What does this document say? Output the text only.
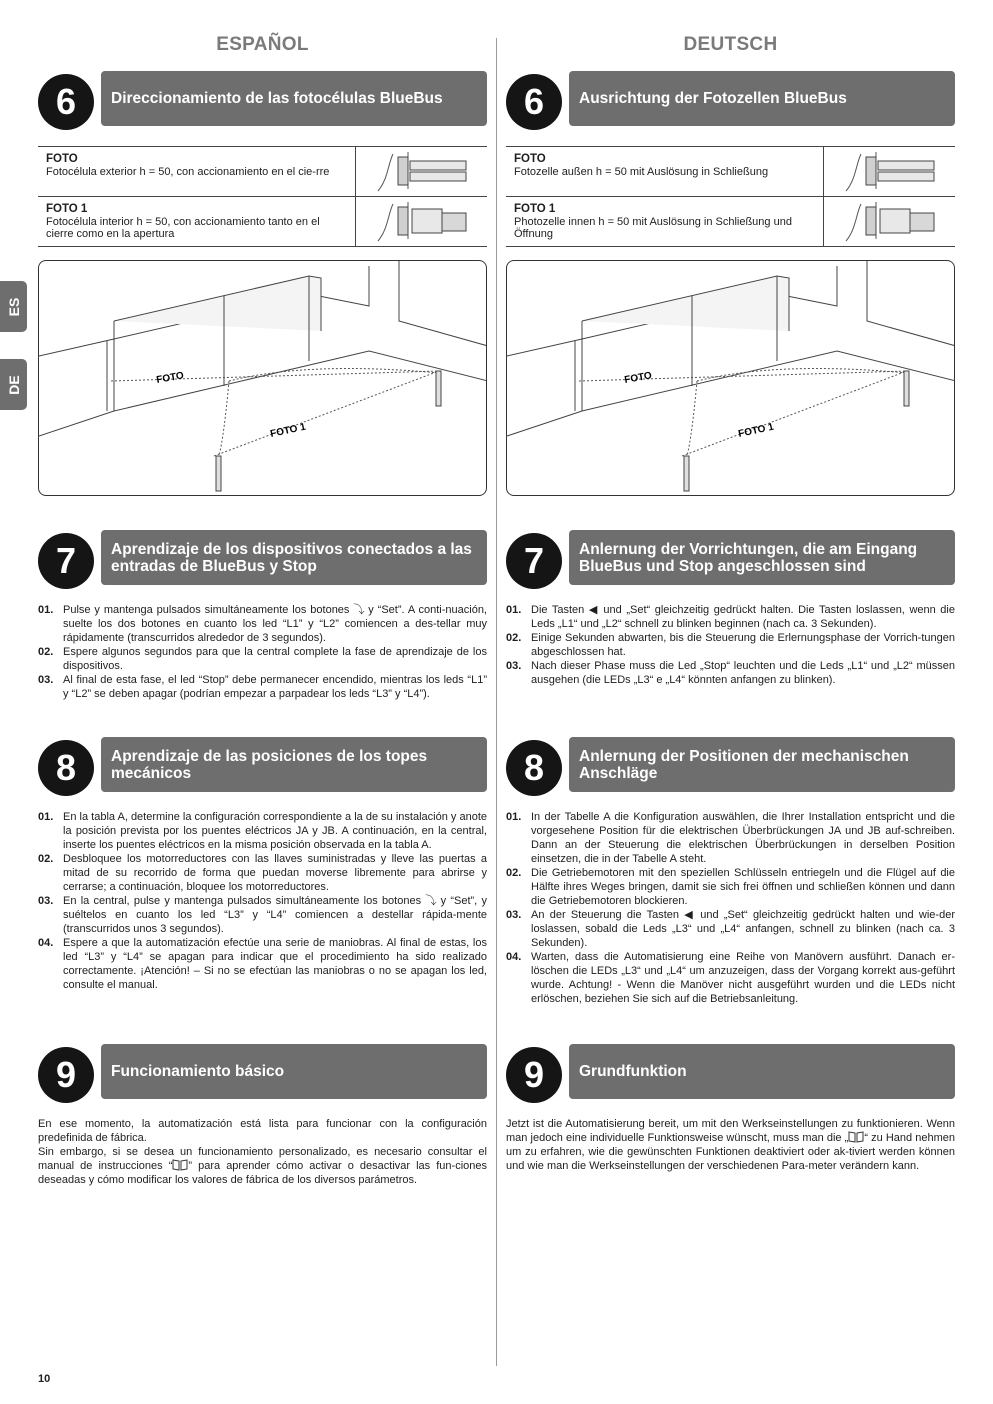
ES
DE
ESPAÑOL
6	Direccionamiento de las fotocélulas BlueBus
FOTO
Fotocélula exterior h = 50, con accionamiento en el cie-rre
FOTO 1
Fotocélula interior h = 50, con accionamiento tanto en el cierre como en la apertura
FOTO
FOTO 1
7	Aprendizaje de los dispositivos conectados a las entradas de BlueBus y Stop
01. Pulse y mantenga pulsados simultáneamente los botones ⤵ y “Set”. A conti-nuación, suelte los dos botones en cuanto los led “L1” y “L2” comiencen a des-tellar muy rápidamente (transcurridos alrededor de 3 segundos).
02. Espere algunos segundos para que la central complete la fase de aprendizaje de los dispositivos.
03. Al final de esta fase, el led “Stop” debe permanecer encendido, mientras los leds “L1” y “L2” se deben apagar (podrían empezar a parpadear los leds “L3” y “L4”).
8	Aprendizaje de las posiciones de los topes mecánicos
01. En la tabla A, determine la configuración correspondiente a la de su instalación y anote la posición prevista por los puentes eléctricos JA y JB. A continuación, en la central, inserte los puentes eléctricos en la misma posición observada en la tabla A.
02. Desbloquee los motorreductores con las llaves suministradas y lleve las puertas a mitad de su recorrido de forma que puedan moverse libremente para abrirse y cerrarse; a continuación, bloquee los motorreductores.
03. En la central, pulse y mantenga pulsados simultáneamente los botones ⤵ y “Set”, y suéltelos en cuanto los led “L3” y “L4” comiencen a destellar rápida-mente (transcurridos unos 3 segundos).
04. Espere a que la automatización efectúe una serie de maniobras. Al final de estas, los led “L3” y “L4” se apagan para indicar que el procedimiento ha sido realizado correctamente. ¡Atención! – Si no se efectúan las maniobras o no se apagan los led, consulte el manual.
9	Funcionamiento básico
En ese momento, la automatización está lista para funcionar con la configuración predefinida de fábrica.
Sin embargo, si se desea un funcionamiento personalizado, es necesario consultar el manual de instrucciones “ ” para aprender cómo activar o desactivar las fun-ciones deseadas y cómo modificar los valores de fábrica de los diversos parámetros.
DEUTSCH
6	Ausrichtung der Fotozellen BlueBus
FOTO
Fotozelle außen h = 50 mit Auslösung in Schließung
FOTO 1
Photozelle innen h = 50 mit Auslösung in Schließung und Öffnung
FOTO
FOTO 1
7	Anlernung der Vorrichtungen, die am Eingang BlueBus und Stop angeschlossen sind
01. Die Tasten ◀ und „Set“ gleichzeitig gedrückt halten. Die Tasten loslassen, wenn die Leds „L1“ und „L2“ schnell zu blinken beginnen (nach ca. 3 Sekunden).
02. Einige Sekunden abwarten, bis die Steuerung die Erlernungsphase der Vorrich-tungen abgeschlossen hat.
03. Nach dieser Phase muss die Led „Stop“ leuchten und die Leds „L1“ und „L2“ müssen ausgehen (die LEDs „L3“ e „L4“ könnten anfangen zu blinken).
8	Anlernung der Positionen der mechanischen Anschläge
01. In der Tabelle A die Konfiguration auswählen, die Ihrer Installation entspricht und die vorgesehene Position für die elektrischen Überbrückungen JA und JB auf-schreiben. Dann an der Steuerung die elektrischen Überbrückungen in derselben Position einsetzen, die in der Tabelle A steht.
02. Die Getriebemotoren mit den speziellen Schlüsseln entriegeln und die Flügel auf die Hälfte ihres Weges bringen, damit sie sich frei öffnen und schließen können und dann die Getriebemotoren blockieren.
03. An der Steuerung die Tasten ◀ und „Set“ gleichzeitig gedrückt halten und wie-der loslassen, sobald die Leds „L3“ und „L4“ anfangen, schnell zu blinken (nach ca. 3 Sekunden).
04. Warten, dass die Automatisierung eine Reihe von Manövern ausführt. Danach er-löschen die LEDs „L3“ und „L4“ um anzuzeigen, dass der Vorgang korrekt aus-geführt wurde. Achtung! - Wenn die Manöver nicht ausgeführt wurden und die LEDs nicht erlöschen, beziehen Sie sich auf die Betriebsanleitung.
9	Grundfunktion
Jetzt ist die Automatisierung bereit, um mit den Werkseinstellungen zu funktionieren. Wenn man jedoch eine individuelle Funktionsweise wünscht, muss man die „ “ zu Hand nehmen um zu erfahren, wie die gewünschten Funktionen deaktiviert oder ak-tiviert werden können und wie man die Werkseinstellungen der verschiedenen Para-meter verändern kann.
10
